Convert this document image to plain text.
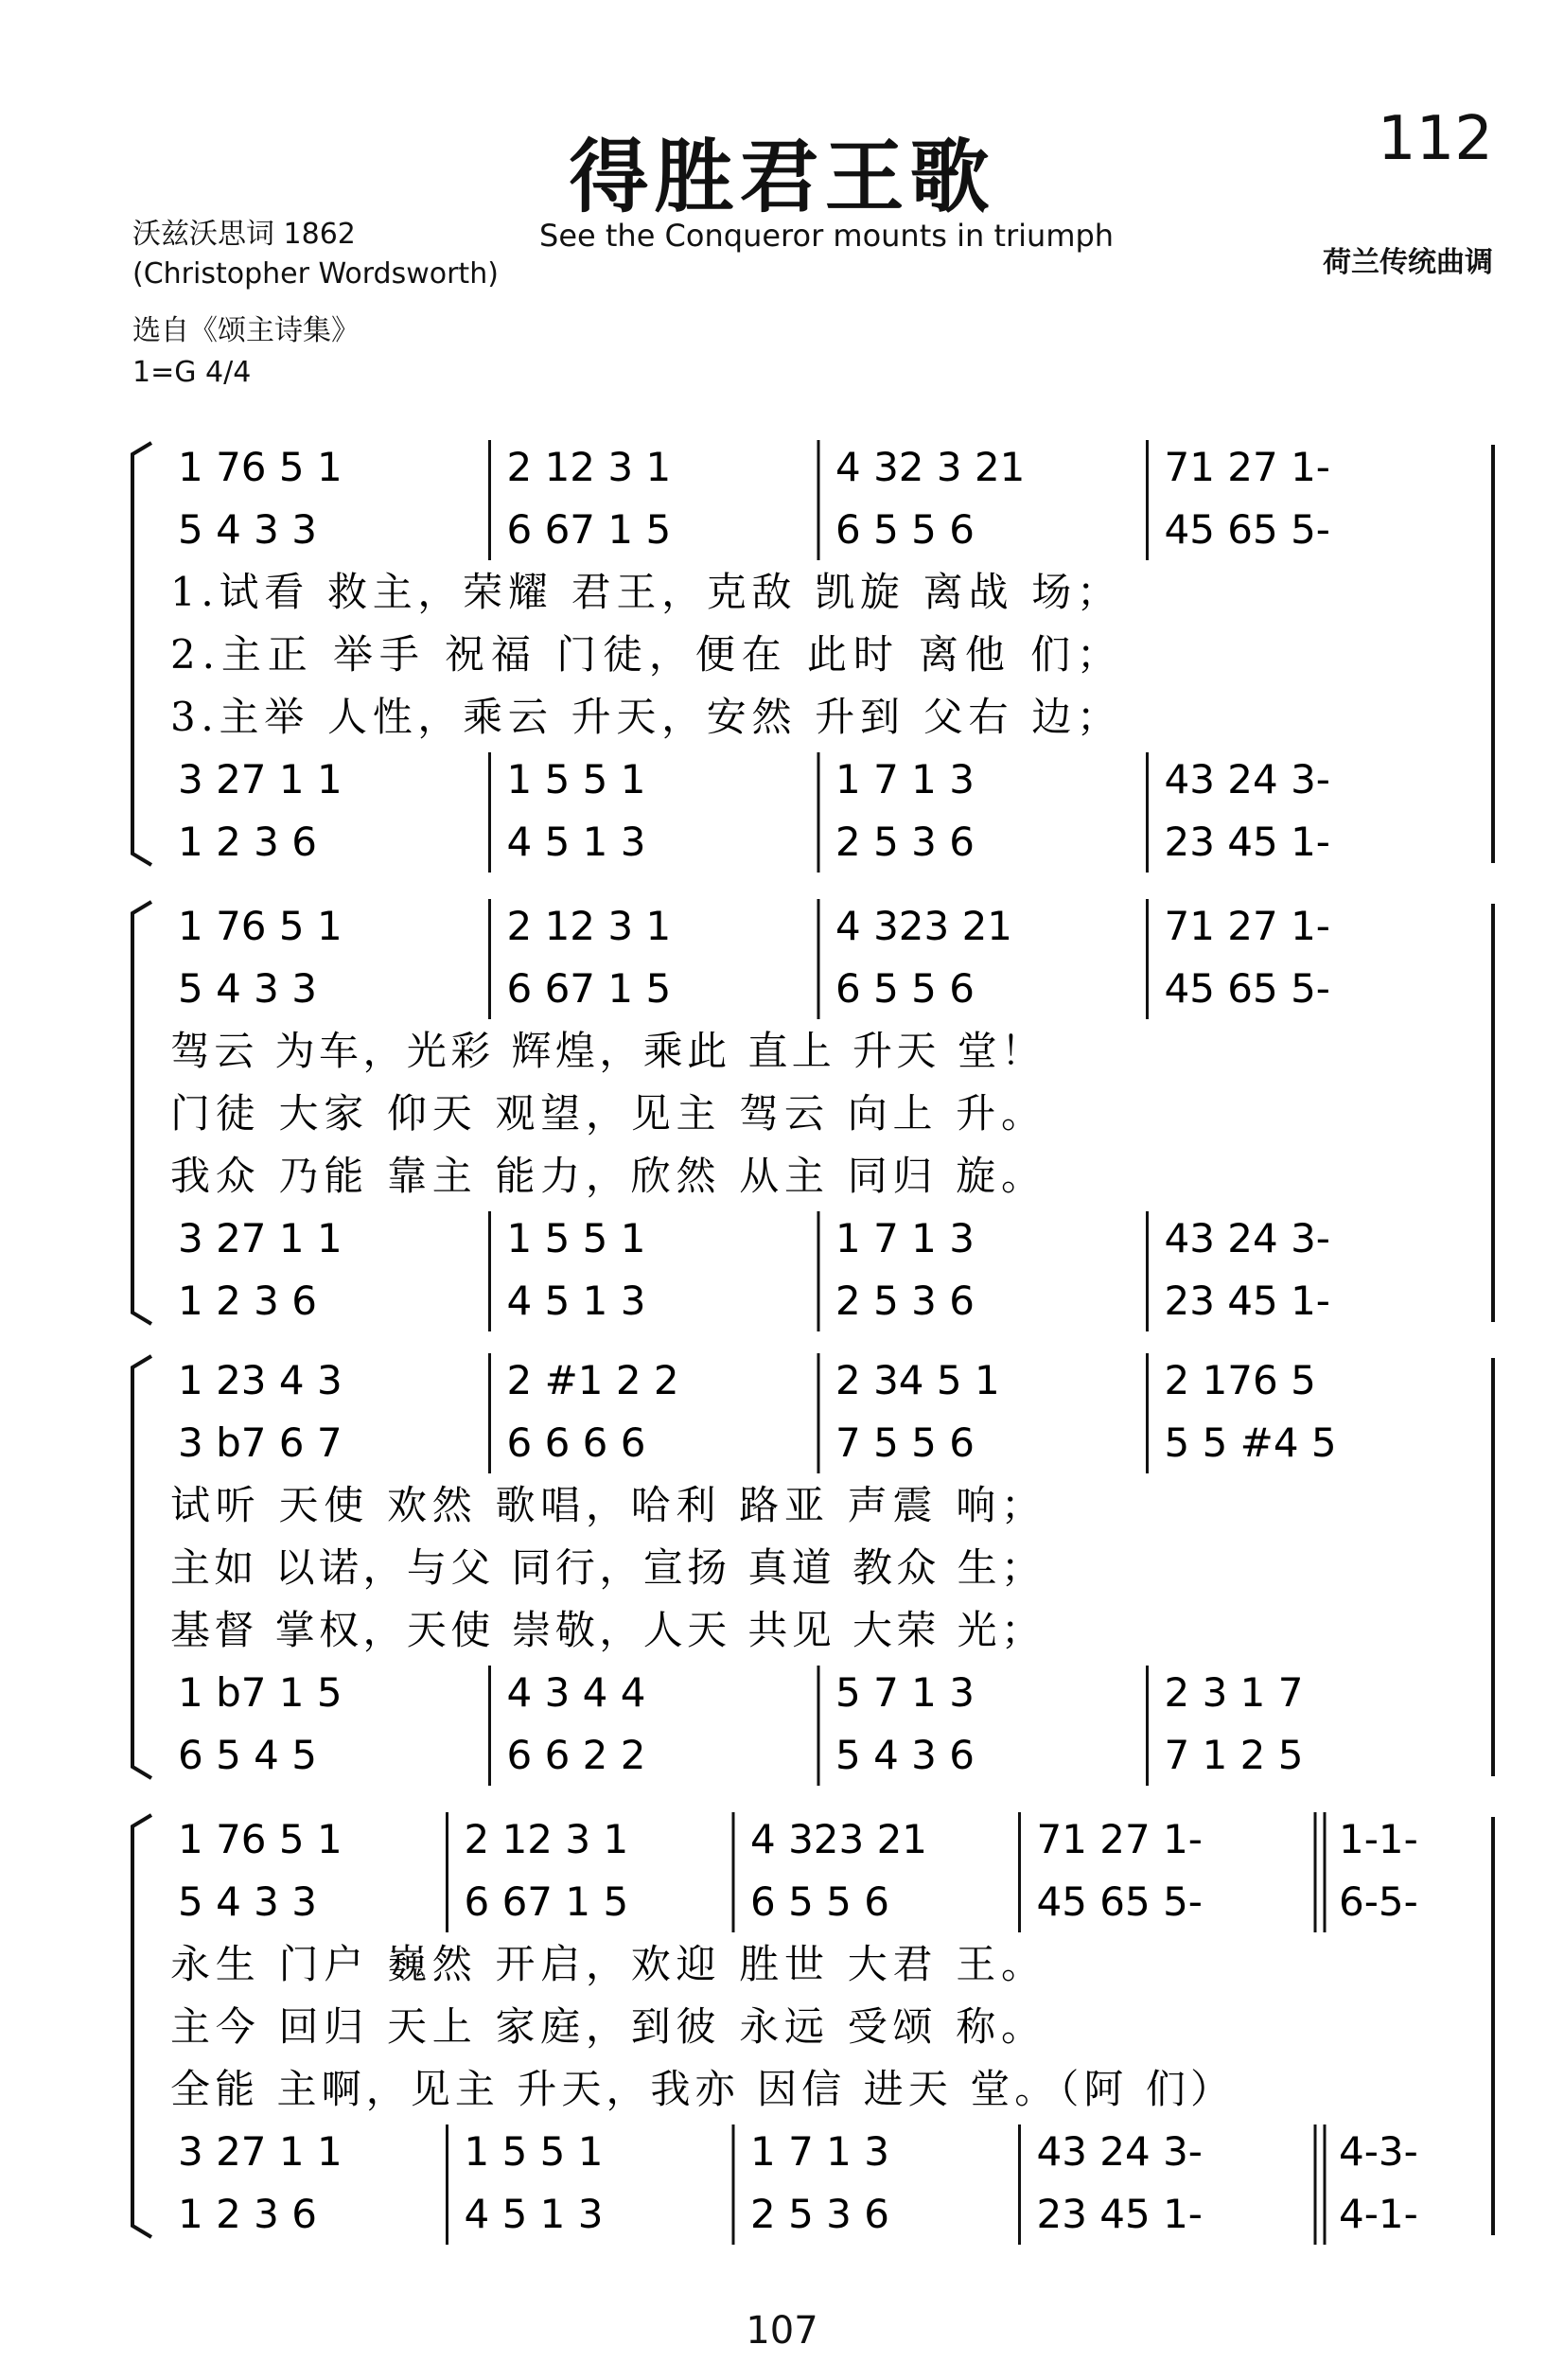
得胜君王歌	112
沃兹沃思词 1862
(Christopher Wordsworth)
选自《颂主诗集》
1=G 4/4
See the Conqueror mounts in triumph
荷兰传统曲调
1 76 5 1	2 12 3 1	4 32 3 21	71 27 1-
5 4 3 3	6 67 1 5	6 5 5 6	45 65 5-
3 27 1 1	1 5 5 1	1 7 1 3	43 24 3-
1 2 3 6	4 5 1 3	2 5 3 6	23 45 1-
1.试看 救主，荣耀 君王，克敌 凯旋 离战 场；
2.主正 举手 祝福 门徒，便在 此时 离他 们；
3.主举 人性，乘云 升天，安然 升到 父右 边；
1 76 5 1	2 12 3 1	4 323 21	71 27 1-
5 4 3 3	6 67 1 5	6 5 5 6	45 65 5-
3 27 1 1	1 5 5 1	1 7 1 3	43 24 3-
1 2 3 6	4 5 1 3	2 5 3 6	23 45 1-
驾云 为车，光彩 辉煌，乘此 直上 升天 堂！
门徒 大家 仰天 观望，见主 驾云 向上 升。
我众 乃能 靠主 能力，欣然 从主 同归 旋。
1 23 4 3	2 #1 2 2	2 34 5 1	2 176 5
3 b7 6 7	6 6 6 6	7 5 5 6	5 5 #4 5
1 b7 1 5	4 3 4 4	5 7 1 3	2 3 1 7
6 5 4 5	6 6 2 2	5 4 3 6	7 1 2 5
试听 天使 欢然 歌唱，哈利 路亚 声震 响；
主如 以诺，与父 同行，宣扬 真道 教众 生；
基督 掌权，天使 崇敬，人天 共见 大荣 光；
1 76 5 1	2 12 3 1	4 323 21	71 27 1-	1-1-
5 4 3 3	6 67 1 5	6 5 5 6	45 65 5-	6-5-
3 27 1 1	1 5 5 1	1 7 1 3	43 24 3-	4-3-
1 2 3 6	4 5 1 3	2 5 3 6	23 45 1-	4-1-
永生 门户 巍然 开启，欢迎 胜世 大君 王。
主今 回归 天上 家庭，到彼 永远 受颂 称。
全能 主啊，见主 升天，我亦 因信 进天 堂。（阿 们）
107
